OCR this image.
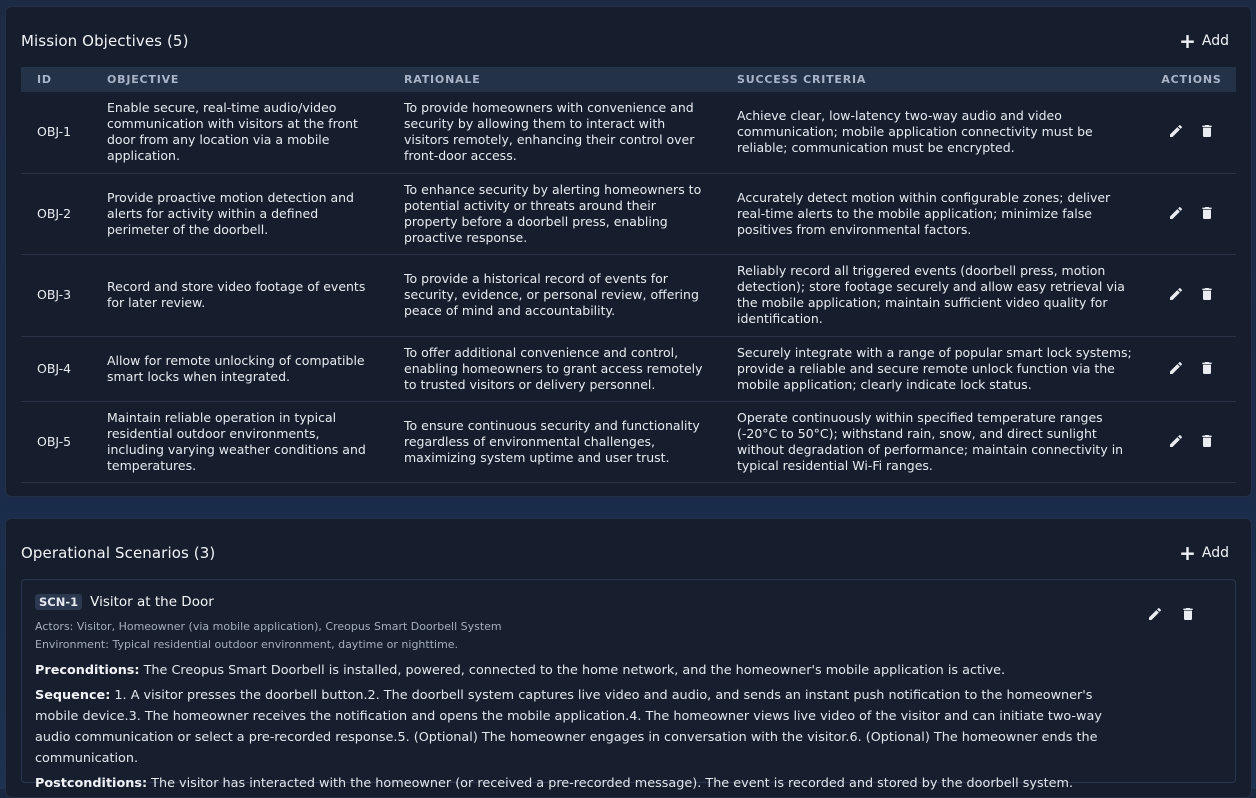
Mission Objectives (5)	+ Add
ID	OBJECTIVE	RATIONALE	SUCCESS CRITERIA	ACTIONS
OBJ-1	Enable secure, real-time audio/video communication with visitors at the front door from any location via a mobile application.	To provide homeowners with convenience and security by allowing them to interact with visitors remotely, enhancing their control over front-door access.	Achieve clear, low-latency two-way audio and video communication; mobile application connectivity must be reliable; communication must be encrypted.	
OBJ-2	Provide proactive motion detection and alerts for activity within a defined perimeter of the doorbell.	To enhance security by alerting homeowners to potential activity or threats around their property before a doorbell press, enabling proactive response.	Accurately detect motion within configurable zones; deliver real-time alerts to the mobile application; minimize false positives from environmental factors.	
OBJ-3	Record and store video footage of events for later review.	To provide a historical record of events for security, evidence, or personal review, offering peace of mind and accountability.	Reliably record all triggered events (doorbell press, motion detection); store footage securely and allow easy retrieval via the mobile application; maintain sufficient video quality for identification.	
OBJ-4	Allow for remote unlocking of compatible smart locks when integrated.	To offer additional convenience and control, enabling homeowners to grant access remotely to trusted visitors or delivery personnel.	Securely integrate with a range of popular smart lock systems; provide a reliable and secure remote unlock function via the mobile application; clearly indicate lock status.	
OBJ-5	Maintain reliable operation in typical residential outdoor environments, including varying weather conditions and temperatures.	To ensure continuous security and functionality regardless of environmental challenges, maximizing system uptime and user trust.	Operate continuously within specified temperature ranges (-20°C to 50°C); withstand rain, snow, and direct sunlight without degradation of performance; maintain connectivity in typical residential Wi-Fi ranges.	
Operational Scenarios (3)	+ Add
SCN-1 Visitor at the Door

Actors: Visitor, Homeowner (via mobile application), Creopus Smart Doorbell System
Environment: Typical residential outdoor environment, daytime or nighttime.

Preconditions: The Creopus Smart Doorbell is installed, powered, connected to the home network, and the homeowner's mobile application is active.

Sequence: 1. A visitor presses the doorbell button.2. The doorbell system captures live video and audio, and sends an instant push notification to the homeowner's mobile device.3. The homeowner receives the notification and opens the mobile application.4. The homeowner views live video of the visitor and can initiate two-way audio communication or select a pre-recorded response.5. (Optional) The homeowner engages in conversation with the visitor.6. (Optional) The homeowner ends the communication.

Postconditions: The visitor has interacted with the homeowner (or received a pre-recorded message). The event is recorded and stored by the doorbell system.
